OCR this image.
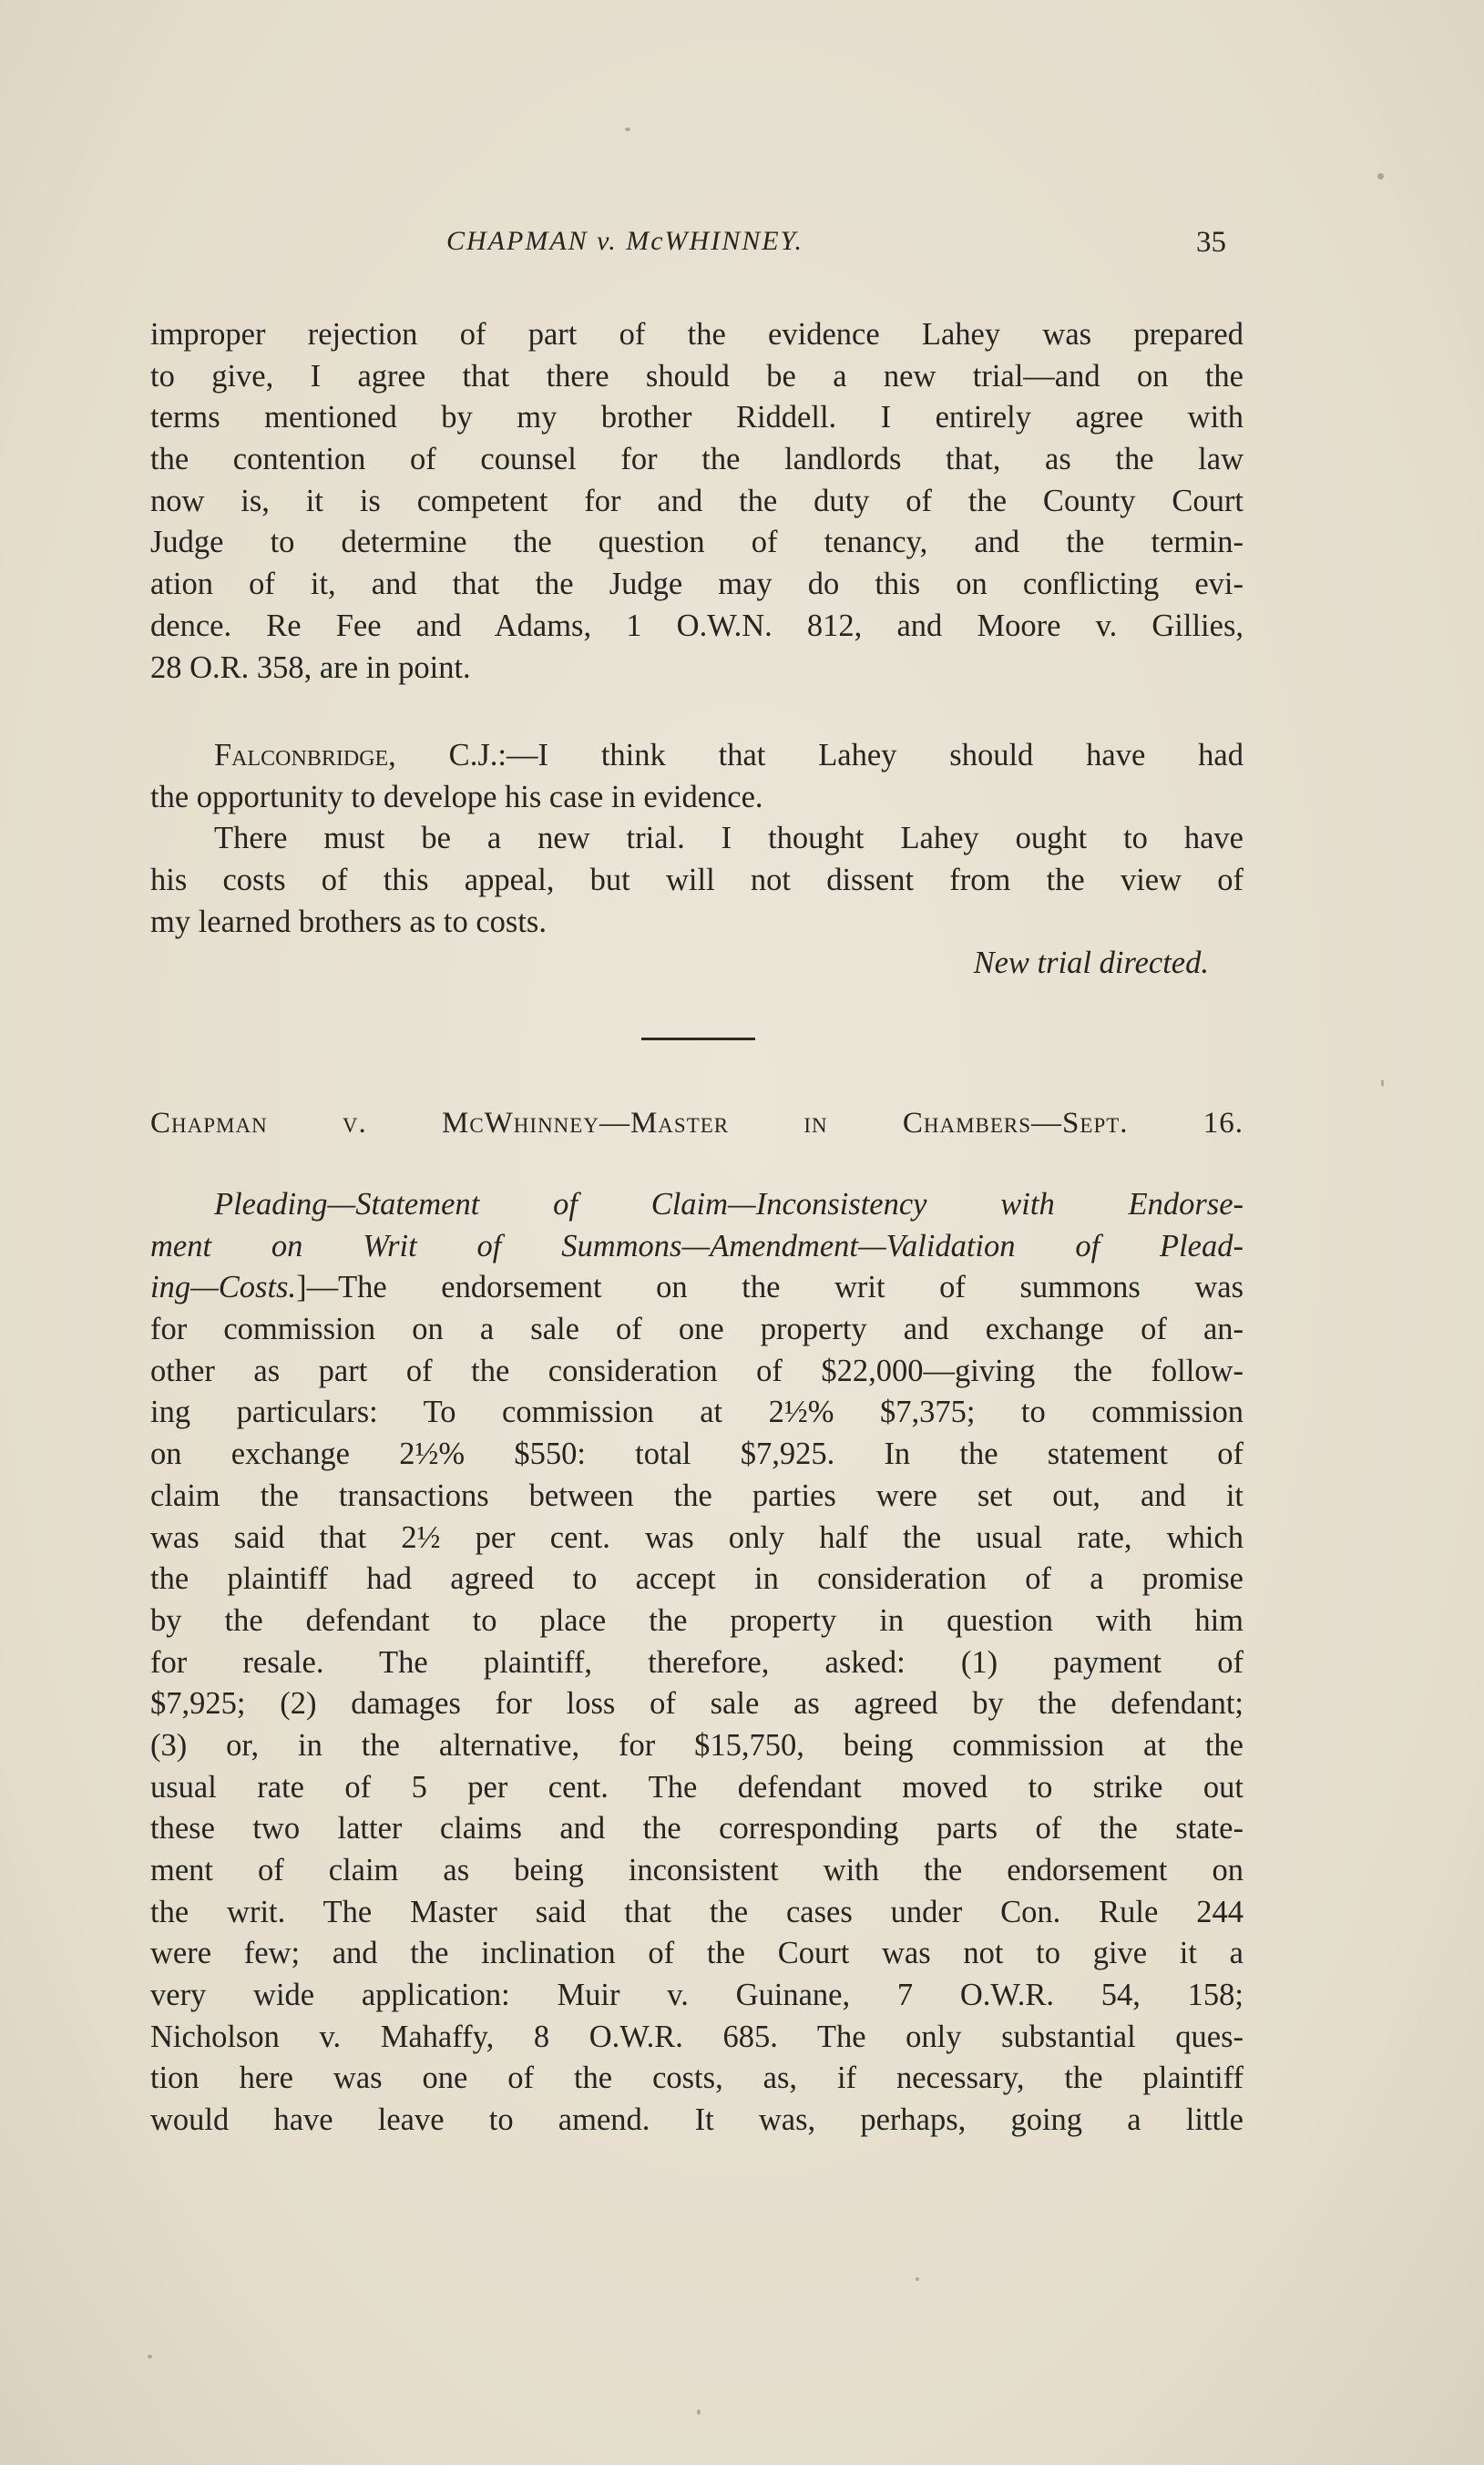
CHAPMAN v. McWHINNEY.	35
improper rejection of part of the evidence Lahey was prepared
to give, I agree that there should be a new trial—and on the
terms mentioned by my brother Riddell. I entirely agree with
the contention of counsel for the landlords that, as the law
now is, it is competent for and the duty of the County Court
Judge to determine the question of tenancy, and the termin-
ation of it, and that the Judge may do this on conflicting evi-
dence. Re Fee and Adams, 1 O.W.N. 812, and Moore v. Gillies,
28 O.R. 358, are in point.
Falconbridge, C.J.:—I think that Lahey should have had
the opportunity to develope his case in evidence.
There must be a new trial. I thought Lahey ought to have
his costs of this appeal, but will not dissent from the view of
my learned brothers as to costs.
New trial directed.
Chapman v. McWhinney—Master in Chambers—Sept. 16.
Pleading—Statement of Claim—Inconsistency with Endorse-
ment on Writ of Summons—Amendment—Validation of Plead-
ing—Costs.]—The endorsement on the writ of summons was
for commission on a sale of one property and exchange of an-
other as part of the consideration of $22,000—giving the follow-
ing particulars: To commission at 2½% $7,375; to commission
on exchange 2½% $550: total $7,925. In the statement of
claim the transactions between the parties were set out, and it
was said that 2½ per cent. was only half the usual rate, which
the plaintiff had agreed to accept in consideration of a promise
by the defendant to place the property in question with him
for resale. The plaintiff, therefore, asked: (1) payment of
$7,925; (2) damages for loss of sale as agreed by the defendant;
(3) or, in the alternative, for $15,750, being commission at the
usual rate of 5 per cent. The defendant moved to strike out
these two latter claims and the corresponding parts of the state-
ment of claim as being inconsistent with the endorsement on
the writ. The Master said that the cases under Con. Rule 244
were few; and the inclination of the Court was not to give it a
very wide application: Muir v. Guinane, 7 O.W.R. 54, 158;
Nicholson v. Mahaffy, 8 O.W.R. 685. The only substantial ques-
tion here was one of the costs, as, if necessary, the plaintiff
would have leave to amend. It was, perhaps, going a little
